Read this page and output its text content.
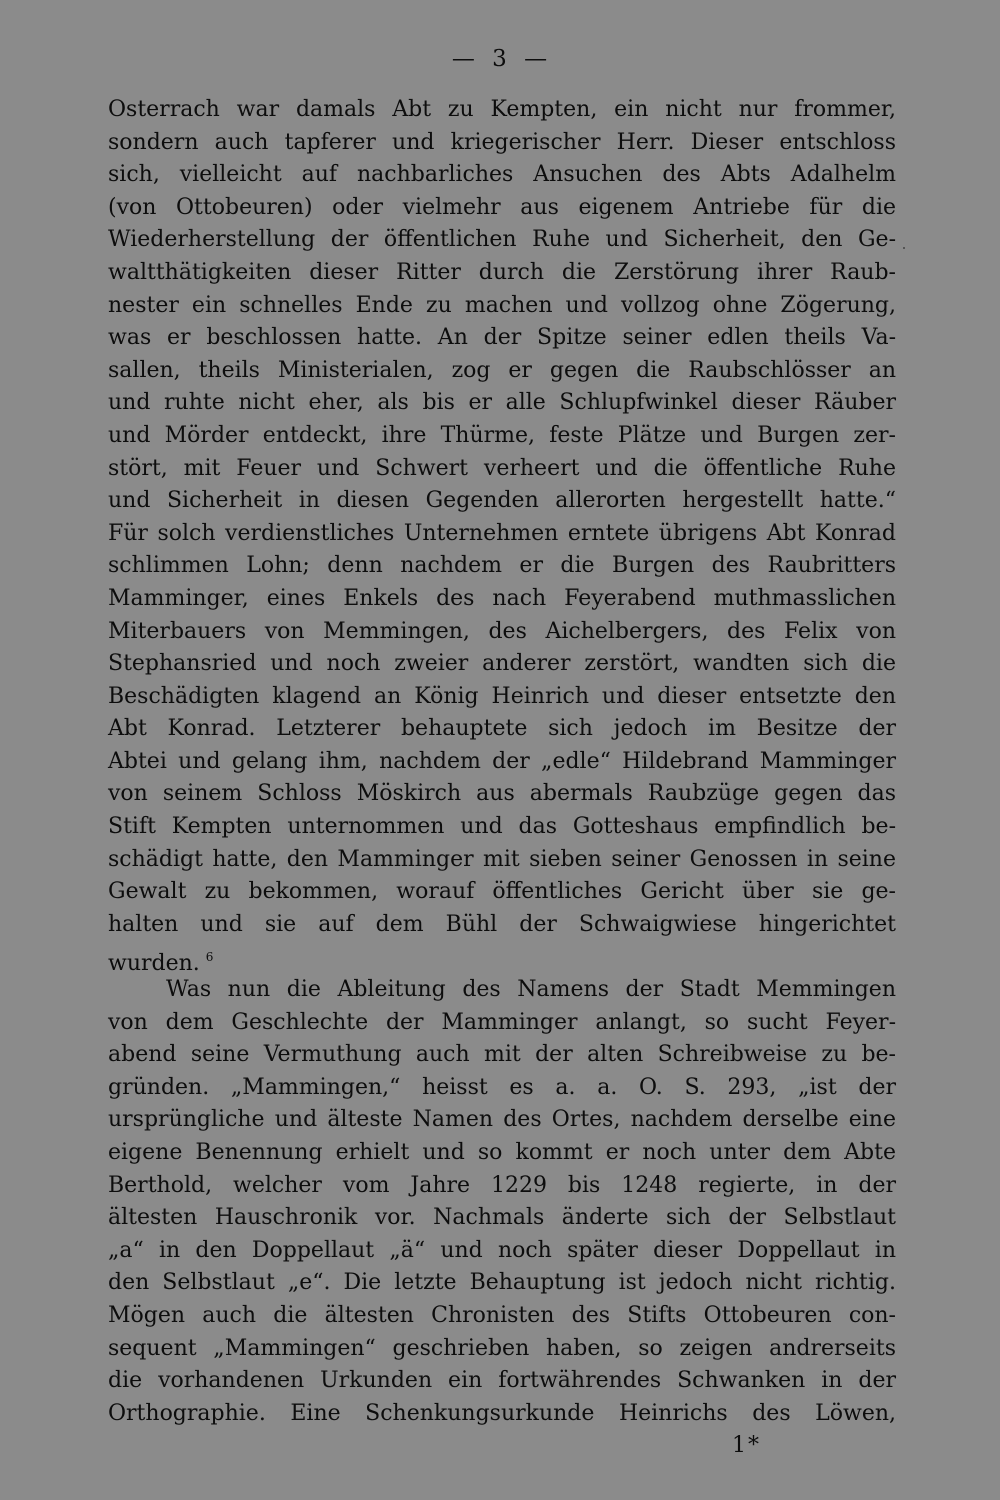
— 3 —
Osterrach war damals Abt zu Kempten, ein nicht nur frommer,
sondern auch tapferer und kriegerischer Herr. Dieser entschloss
sich, vielleicht auf nachbarliches Ansuchen des Abts Adalhelm
(von Ottobeuren) oder vielmehr aus eigenem Antriebe für die
Wiederherstellung der öffentlichen Ruhe und Sicherheit, den Ge-
waltthätigkeiten dieser Ritter durch die Zerstörung ihrer Raub-
nester ein schnelles Ende zu machen und vollzog ohne Zögerung,
was er beschlossen hatte. An der Spitze seiner edlen theils Va-
sallen, theils Ministerialen, zog er gegen die Raubschlösser an
und ruhte nicht eher, als bis er alle Schlupfwinkel dieser Räuber
und Mörder entdeckt, ihre Thürme, feste Plätze und Burgen zer-
stört, mit Feuer und Schwert verheert und die öffentliche Ruhe
und Sicherheit in diesen Gegenden allerorten hergestellt hatte.“
Für solch verdienstliches Unternehmen erntete übrigens Abt Konrad
schlimmen Lohn; denn nachdem er die Burgen des Raubritters
Mamminger, eines Enkels des nach Feyerabend muthmasslichen
Miterbauers von Memmingen, des Aichelbergers, des Felix von
Stephansried und noch zweier anderer zerstört, wandten sich die
Beschädigten klagend an König Heinrich und dieser entsetzte den
Abt Konrad. Letzterer behauptete sich jedoch im Besitze der
Abtei und gelang ihm, nachdem der „edle“ Hildebrand Mamminger
von seinem Schloss Möskirch aus abermals Raubzüge gegen das
Stift Kempten unternommen und das Gotteshaus empfindlich be-
schädigt hatte, den Mamminger mit sieben seiner Genossen in seine
Gewalt zu bekommen, worauf öffentliches Gericht über sie ge-
halten und sie auf dem Bühl der Schwaigwiese hingerichtet
wurden. $^6$
Was nun die Ableitung des Namens der Stadt Memmingen
von dem Geschlechte der Mamminger anlangt, so sucht Feyer-
abend seine Vermuthung auch mit der alten Schreibweise zu be-
gründen. „Mammingen,“ heisst es a. a. O. S. 293, „ist der
ursprüngliche und älteste Namen des Ortes, nachdem derselbe eine
eigene Benennung erhielt und so kommt er noch unter dem Abte
Berthold, welcher vom Jahre 1229 bis 1248 regierte, in der
ältesten Hauschronik vor. Nachmals änderte sich der Selbstlaut
„a“ in den Doppellaut „ä“ und noch später dieser Doppellaut in
den Selbstlaut „e“. Die letzte Behauptung ist jedoch nicht richtig.
Mögen auch die ältesten Chronisten des Stifts Ottobeuren con-
sequent „Mammingen“ geschrieben haben, so zeigen andrerseits
die vorhandenen Urkunden ein fortwährendes Schwanken in der
Orthographie. Eine Schenkungsurkunde Heinrichs des Löwen,
1*
